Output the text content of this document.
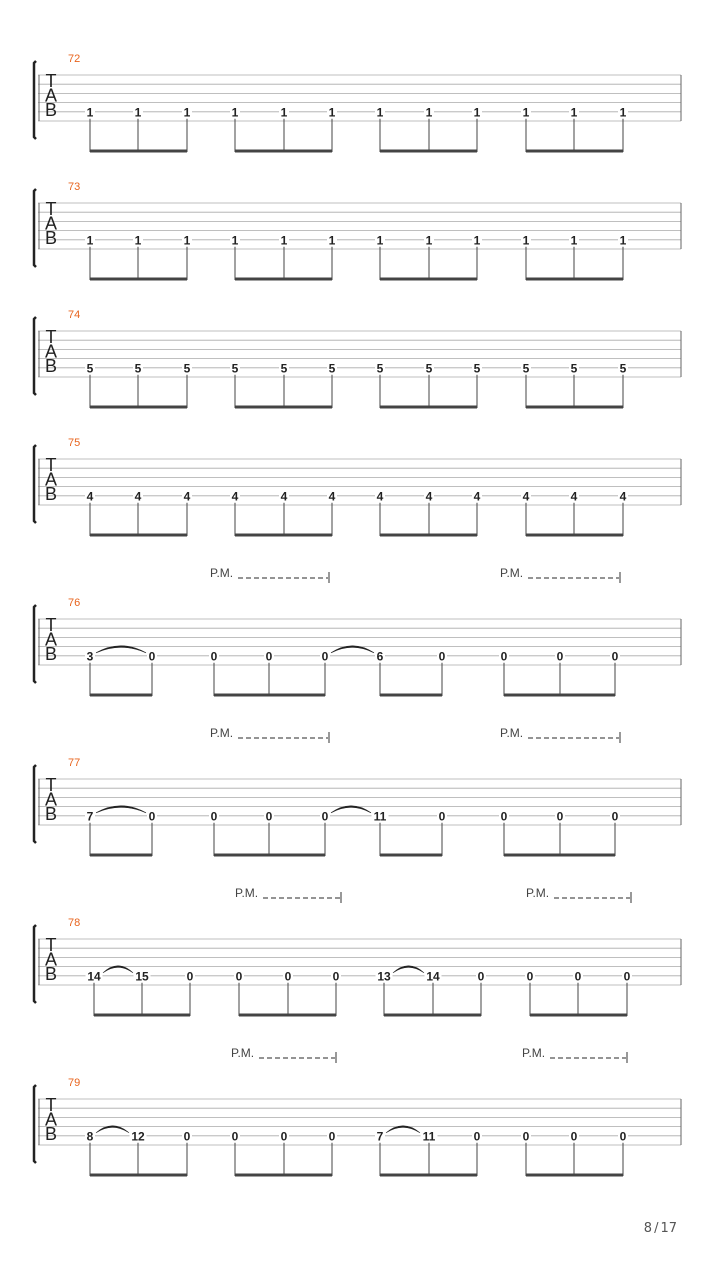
72
T
A
B 1	1	1	1	1	1	1	1	1	1	1	1
73
T
A
B 1	1	1	1	1	1	1	1	1	1	1	1
74
T
A
B 5	5	5	5	5	5	5	5	5	5	5	5
75
T
A
B 4	4	4	4	4	4	4	4	4	4	4	4
76
T
A
B 3	0	0	0	0	6	0	0	0	0
P.M.	P.M.
77
T
A
B 7	0	0	0	0	11	0	0	0	0
P.M.	P.M.
78
T
A
B	14	15	0	0	0	0	13	14	0	0	0	0
P.M.	P.M.
79
T
A
B 8	12	0	0	0	0	7	11	0	0	0	0
P.M.	P.M.
8 / 17
